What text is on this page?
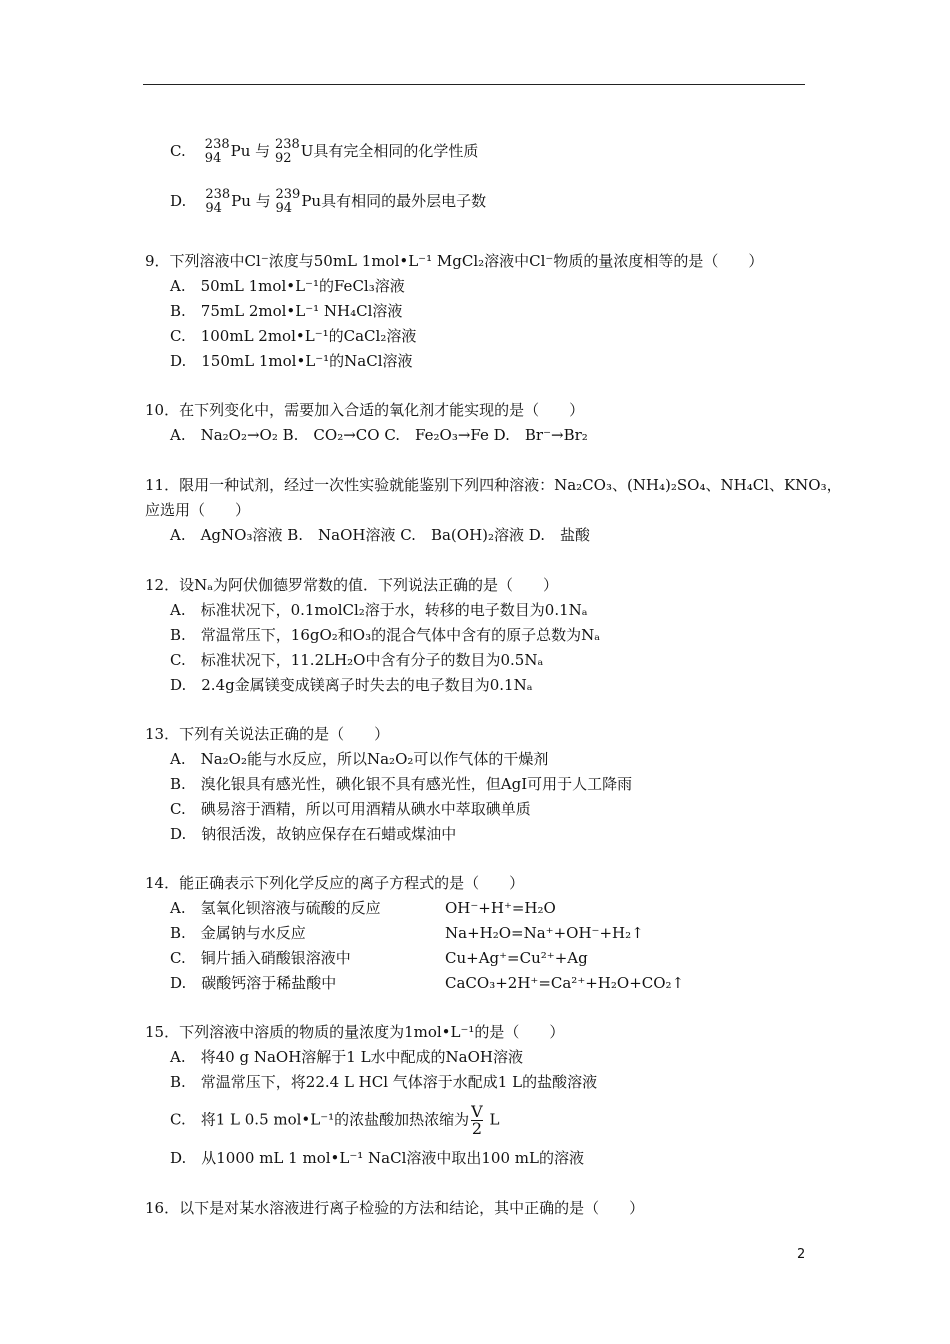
C. 238
94 Pu 与 238
92 U具有完全相同的化学性质
D. 238
94 Pu 与 239
94 Pu具有相同的最外层电子数
9．下列溶液中Cl⁻浓度与50mL 1mol•L⁻¹ MgCl₂溶液中Cl⁻物质的量浓度相等的是（　　）
A.　50mL 1mol•L⁻¹的FeCl₃溶液
B.　75mL 2mol•L⁻¹ NH₄Cl溶液
C.　100mL 2mol•L⁻¹的CaCl₂溶液
D.　150mL 1mol•L⁻¹的NaCl溶液
10．在下列变化中，需要加入合适的氧化剂才能实现的是（　　）
A.　Na₂O₂→O₂ B.　CO₂→CO C.　Fe₂O₃→Fe D.　Br⁻→Br₂
11．限用一种试剂，经过一次性实验就能鉴别下列四种溶液：Na₂CO₃、(NH₄)₂SO₄、NH₄Cl、KNO₃，
应选用（　　）
A.　AgNO₃溶液 B.　NaOH溶液 C.　Ba(OH)₂溶液 D.　盐酸
12．设Nₐ为阿伏伽德罗常数的值．下列说法正确的是（　　）
A.　标准状况下，0.1molCl₂溶于水，转移的电子数目为0.1Nₐ
B.　常温常压下，16gO₂和O₃的混合气体中含有的原子总数为Nₐ
C.　标准状况下，11.2LH₂O中含有分子的数目为0.5Nₐ
D.　2.4g金属镁变成镁离子时失去的电子数目为0.1Nₐ
13．下列有关说法正确的是（　　）
A.　Na₂O₂能与水反应，所以Na₂O₂可以作气体的干燥剂
B.　溴化银具有感光性，碘化银不具有感光性，但AgI可用于人工降雨
C.　碘易溶于酒精，所以可用酒精从碘水中萃取碘单质
D.　钠很活泼，故钠应保存在石蜡或煤油中
14．能正确表示下列化学反应的离子方程式的是（　　）
A.　氢氧化钡溶液与硫酸的反应	OH⁻+H⁺=H₂O
B.　金属钠与水反应	Na+H₂O=Na⁺+OH⁻+H₂↑
C.　铜片插入硝酸银溶液中	Cu+Ag⁺=Cu²⁺+Ag
D.　碳酸钙溶于稀盐酸中	CaCO₃+2H⁺=Ca²⁺+H₂O+CO₂↑
15．下列溶液中溶质的物质的量浓度为1mol•L⁻¹的是（　　）
A.　将40 g NaOH溶解于1 L水中配成的NaOH溶液
B.　常温常压下，将22.4 L HCl 气体溶于水配成1 L的盐酸溶液
C.　将1 L 0.5 mol•L⁻¹的浓盐酸加热浓缩为 $\frac{V}{2}$ L
D.　从1000 mL 1 mol•L⁻¹ NaCl溶液中取出100 mL的溶液
16．以下是对某水溶液进行离子检验的方法和结论，其中正确的是（　　）
2
